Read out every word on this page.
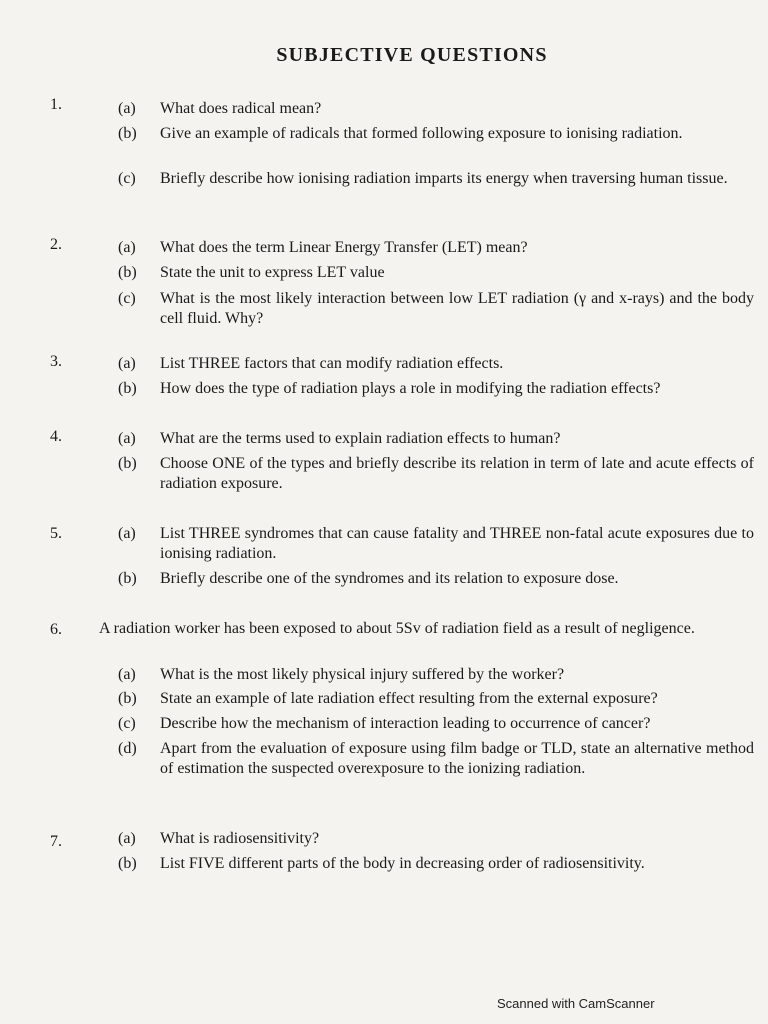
SUBJECTIVE QUESTIONS
1.	(a)	What does radical mean?
(b)	Give an example of radicals that formed following exposure to ionising radiation.
(c)	Briefly describe how ionising radiation imparts its energy when traversing human tissue.
2.	(a)	What does the term Linear Energy Transfer (LET) mean?
(b)	State the unit to express LET value
(c)	What is the most likely interaction between low LET radiation (γ and x-rays) and the body cell fluid. Why?
3.	(a)	List THREE factors that can modify radiation effects.
(b)	How does the type of radiation plays a role in modifying the radiation effects?
4.	(a)	What are the terms used to explain radiation effects to human?
(b)	Choose ONE of the types and briefly describe its relation in term of late and acute effects of radiation exposure.
5.	(a)	List THREE syndromes that can cause fatality and THREE non-fatal acute exposures due to ionising radiation.
(b)	Briefly describe one of the syndromes and its relation to exposure dose.
6. A radiation worker has been exposed to about 5Sv of radiation field as a result of negligence.
(a)	What is the most likely physical injury suffered by the worker?
(b)	State an example of late radiation effect resulting from the external exposure?
(c)	Describe how the mechanism of interaction leading to occurrence of cancer?
(d)	Apart from the evaluation of exposure using film badge or TLD, state an alternative method of estimation the suspected overexposure to the ionizing radiation.
7.	(a)	What is radiosensitivity?
(b)	List FIVE different parts of the body in decreasing order of radiosensitivity.
Scanned with CamScanner
